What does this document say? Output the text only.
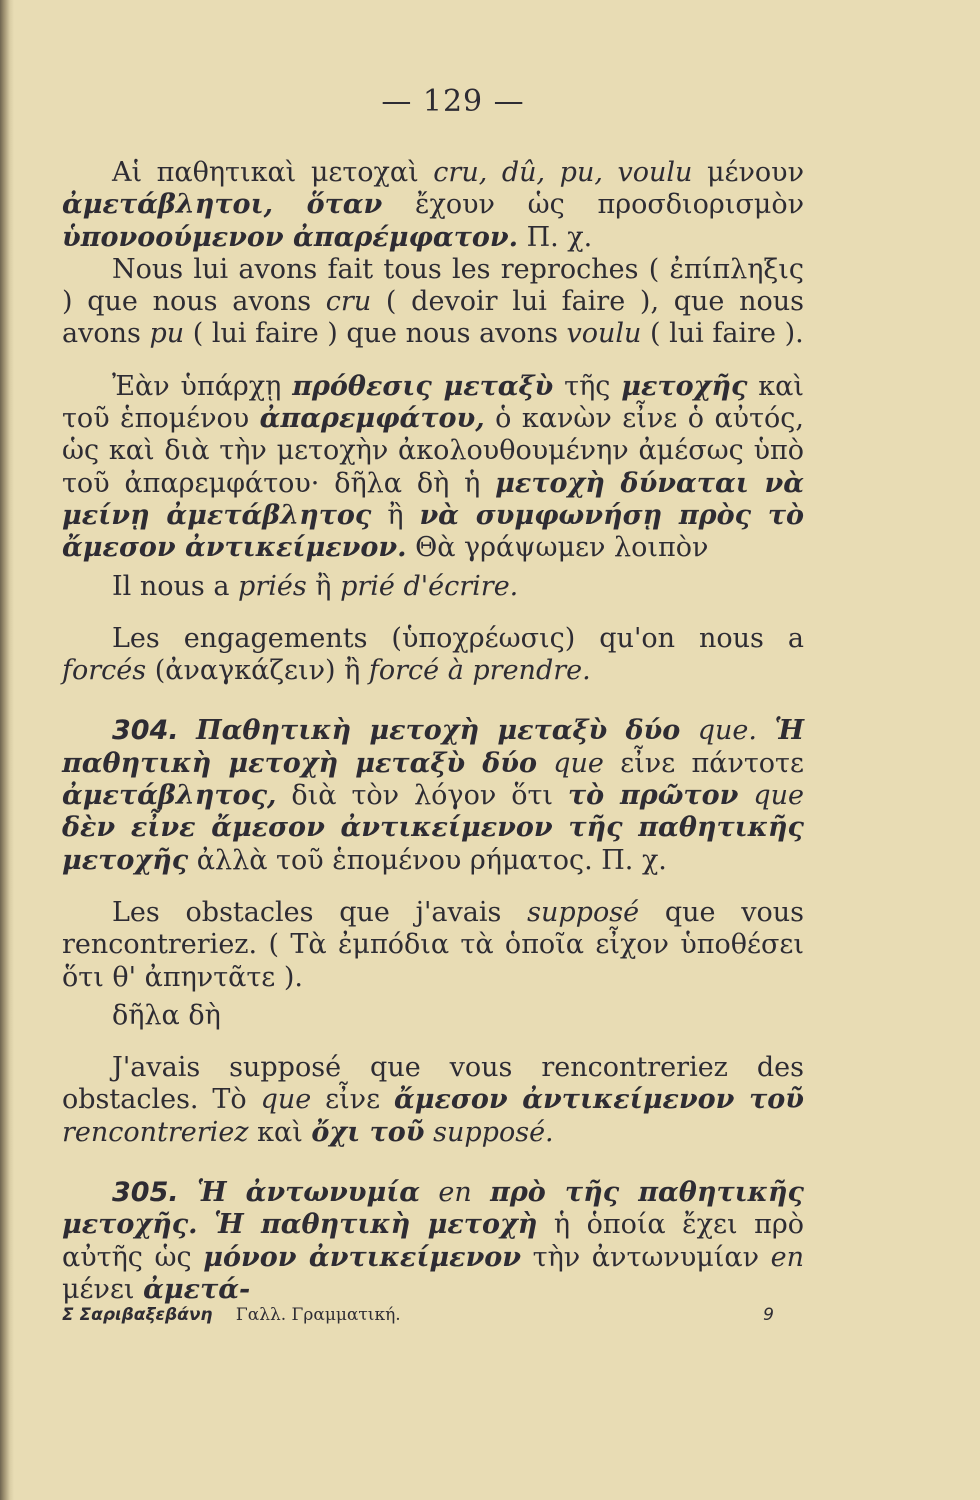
— 129 —

Αἱ παθητικαὶ μετοχαὶ cru, dû, pu, voulu μένουν ἀμετάβλητοι, ὅταν ἔχουν ὡς προσδιορισμὸν ὑπονοούμενον ἀπαρέμφατον. Π. χ.

Nous lui avons fait tous les reproches ( ἐπίπληξις ) que nous avons cru ( devoir lui faire ), que nous avons pu ( lui faire ) que nous avons voulu ( lui faire ).

Ἐὰν ὑπάρχῃ πρόθεσις μεταξὺ τῆς μετοχῆς καὶ τοῦ ἑπομένου ἀπαρεμφάτου, ὁ κανὼν εἶνε ὁ αὐτός, ὡς καὶ διὰ τὴν μετοχὴν ἀκολουθουμένην ἀμέσως ὑπὸ τοῦ ἀπαρεμφάτου· δῆλα δὴ ἡ μετοχὴ δύναται νὰ μείνῃ ἀμετάβλητος ἢ νὰ συμφωνήσῃ πρὸς τὸ ἄμεσον ἀντικείμενον. Θὰ γράψωμεν λοιπὸν

Il nous a priés ἢ prié d'écrire.

Les engagements (ὑποχρέωσις) qu'on nous a forcés (ἀναγκάζειν) ἢ forcé à prendre.

304. Παθητικὴ μετοχὴ μεταξὺ δύο que. Ἡ παθητικὴ μετοχὴ μεταξὺ δύο que εἶνε πάντοτε ἀμετάβλητος, διὰ τὸν λόγον ὅτι τὸ πρῶτον que δὲν εἶνε ἄμεσον ἀντικείμενον τῆς παθητικῆς μετοχῆς ἀλλὰ τοῦ ἑπομένου ρήματος. Π. χ.

Les obstacles que j'avais supposé que vous rencontreriez. ( Τὰ ἐμπόδια τὰ ὁποῖα εἶχον ὑποθέσει ὅτι θ' ἀπηντᾶτε ).

δῆλα δὴ

J'avais supposé que vous rencontreriez des obstacles. Τὸ que εἶνε ἄμεσον ἀντικείμενον τοῦ rencontreriez καὶ ὄχι τοῦ supposé.

305. Ἡ ἀντωνυμία en πρὸ τῆς παθητικῆς μετοχῆς. Ἡ παθητικὴ μετοχὴ ἡ ὁποία ἔχει πρὸ αὐτῆς ὡς μόνον ἀντικείμενον τὴν ἀντωνυμίαν en μένει ἀμετά-

Σ Σαριβαξεβάνη Γαλλ. Γραμματική.	9
